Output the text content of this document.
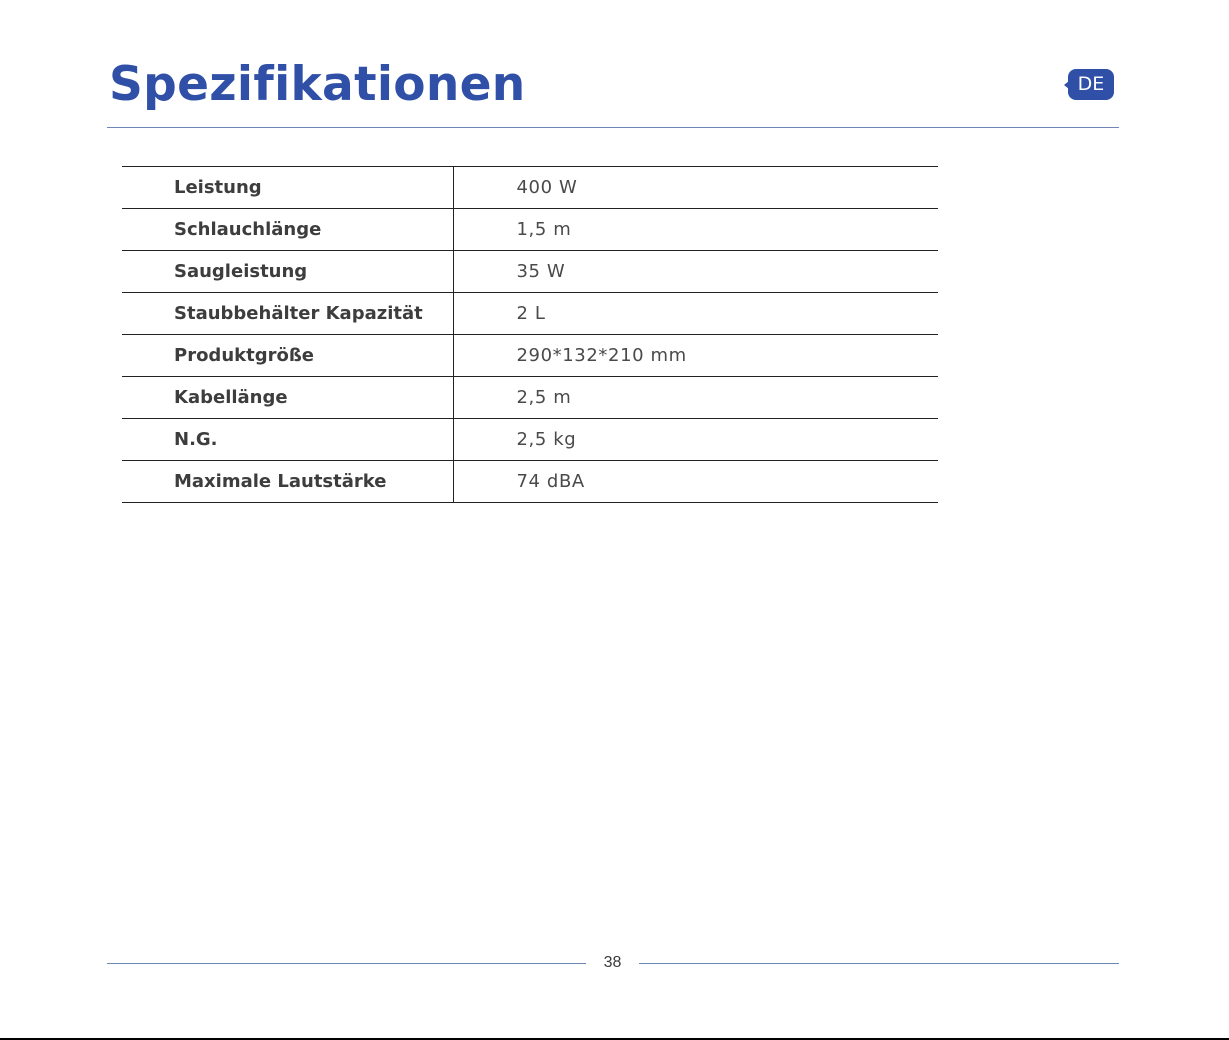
Spezifikationen	DE
Leistung	400 W
Schlauchlänge	1,5 m
Saugleistung	35 W
Staubbehälter Kapazität	2 L
Produktgröße	290*132*210 mm
Kabellänge	2,5 m
N.G.	2,5 kg
Maximale Lautstärke	74 dBA
38
